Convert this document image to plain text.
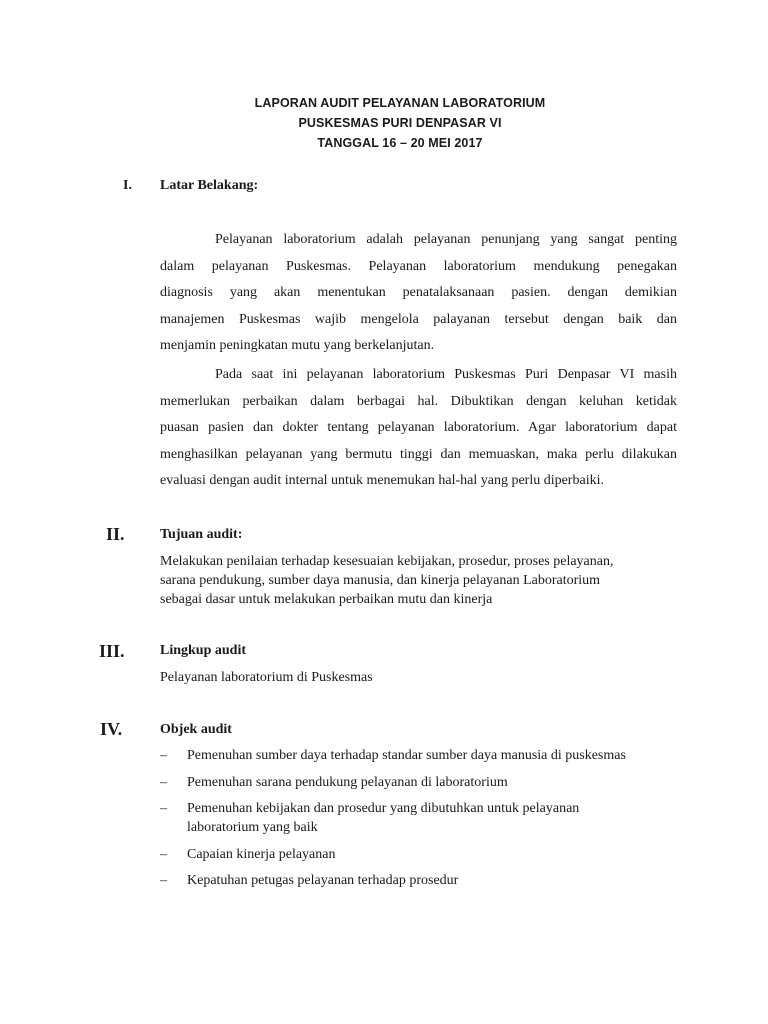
LAPORAN AUDIT PELAYANAN LABORATORIUM
PUSKESMAS PURI DENPASAR VI
TANGGAL 16 – 20 MEI 2017
I. Latar Belakang:
Pelayanan laboratorium adalah pelayanan penunjang yang sangat penting
dalam pelayanan Puskesmas. Pelayanan laboratorium mendukung penegakan
diagnosis yang akan menentukan penatalaksanaan pasien. dengan demikian
manajemen Puskesmas wajib mengelola palayanan tersebut dengan baik dan
menjamin peningkatan mutu yang berkelanjutan.
Pada saat ini pelayanan laboratorium Puskesmas Puri Denpasar VI masih
memerlukan perbaikan dalam berbagai hal. Dibuktikan dengan keluhan ketidak
puasan pasien dan dokter tentang pelayanan laboratorium. Agar laboratorium dapat
menghasilkan pelayanan yang bermutu tinggi dan memuaskan, maka perlu dilakukan
evaluasi dengan audit internal untuk menemukan hal-hal yang perlu diperbaiki.
II.	Tujuan audit:
Melakukan penilaian terhadap kesesuaian kebijakan, prosedur, proses pelayanan,
sarana pendukung, sumber daya manusia, dan kinerja pelayanan Laboratorium
sebagai dasar untuk melakukan perbaikan mutu dan kinerja
III.	Lingkup audit
Pelayanan laboratorium di Puskesmas
IV.	Objek audit
– Pemenuhan sumber daya terhadap standar sumber daya manusia di puskesmas
– Pemenuhan sarana pendukung pelayanan di laboratorium
– Pemenuhan kebijakan dan prosedur yang dibutuhkan untuk pelayanan
laboratorium yang baik
– Capaian kinerja pelayanan
– Kepatuhan petugas pelayanan terhadap prosedur
